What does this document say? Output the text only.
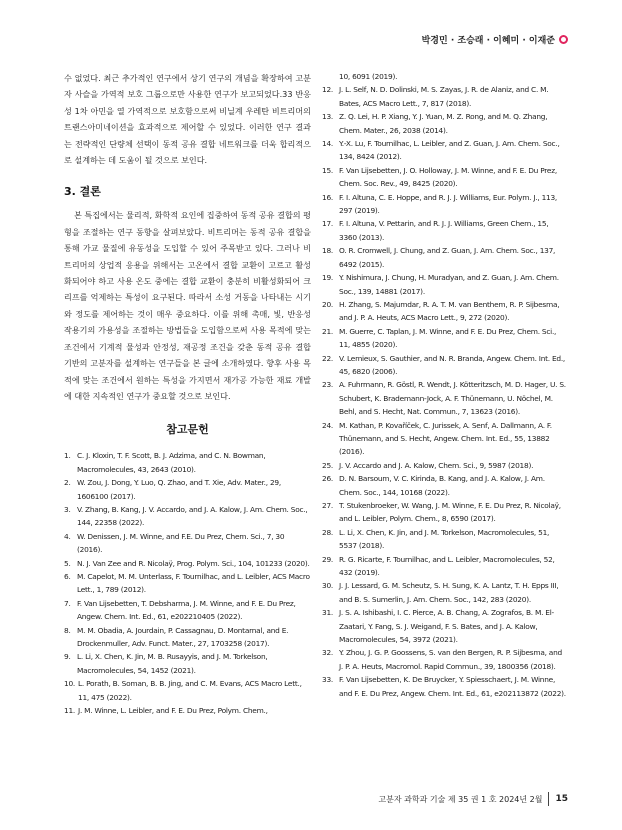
박경민 · 조승래 · 이혜미 · 이재준

수 없었다. 최근 추가적인 연구에서 상기 연구의 개념을 확장하여 고분자 사슬을 가역적 보호 그룹으로만 사용한 연구가 보고되었다.33 반응성 1차 아민을 열 가역적으로 보호함으로써 비닐계 우레탄 비트리머의 트랜스아미네이션을 효과적으로 제어할 수 있었다. 이러한 연구 결과는 전략적인 단량체 선택이 동적 공유 결합 네트워크를 더욱 합리적으로 설계하는 데 도움이 될 것으로 보인다.

3. 결론

본 특집에서는 물리적, 화학적 요인에 집중하여 동적 공유 결합의 평형을 조절하는 연구 동향을 살펴보았다. 비트리머는 동적 공유 결합을 통해 가교 물질에 유동성을 도입할 수 있어 주목받고 있다. 그러나 비트리머의 상업적 응용을 위해서는 고온에서 결합 교환이 고르고 활성화되어야 하고 사용 온도 중에는 결합 교환이 충분히 비활성화되어 크리프를 억제하는 특성이 요구된다. 따라서 소성 거동을 나타내는 시기와 정도를 제어하는 것이 매우 중요하다. 이를 위해 촉매, 빛, 반응성 작용기의 가용성을 조절하는 방법들을 도입함으로써 사용 목적에 맞는 조건에서 기계적 물성과 안정성, 재공정 조건을 갖춘 동적 공유 결합 기반의 고분자를 설계하는 연구들을 본 글에 소개하였다. 향후 사용 목적에 맞는 조건에서 원하는 특성을 가지면서 재가공 가능한 재료 개발에 대한 지속적인 연구가 중요할 것으로 보인다.

참고문헌
1. C. J. Kloxin, T. F. Scott, B. J. Adzima, and C. N. Bowman, Macromolecules, 43, 2643 (2010).
2. W. Zou, J. Dong, Y. Luo, Q. Zhao, and T. Xie, Adv. Mater., 29, 1606100 (2017).
3. V. Zhang, B. Kang, J. V. Accardo, and J. A. Kalow, J. Am. Chem. Soc., 144, 22358 (2022).
4. W. Denissen, J. M. Winne, and F.E. Du Prez, Chem. Sci., 7, 30 (2016).
5. N. J. Van Zee and R. Nicolaÿ, Prog. Polym. Sci., 104, 101233 (2020).
6. M. Capelot, M. M. Unterlass, F. Tournilhac, and L. Leibler, ACS Macro Lett., 1, 789 (2012).
7. F. Van Lijsebetten, T. Debsharma, J. M. Winne, and F. E. Du Prez, Angew. Chem. Int. Ed., 61, e202210405 (2022).
8. M. M. Obadia, A. Jourdain, P. Cassagnau, D. Montarnal, and E. Drockenmuller, Adv. Funct. Mater., 27, 1703258 (2017).
9. L. Li, X. Chen, K. Jin, M. B. Rusayyis, and J. M. Torkelson, Macromolecules, 54, 1452 (2021).
10. L. Porath, B. Soman, B. B. Jing, and C. M. Evans, ACS Macro Lett., 11, 475 (2022).
11. J. M. Winne, L. Leibler, and F. E. Du Prez, Polym. Chem.,
10, 6091 (2019).
12. J. L. Self, N. D. Dolinski, M. S. Zayas, J. R. de Alaniz, and C. M. Bates, ACS Macro Lett., 7, 817 (2018).
13. Z. Q. Lei, H. P. Xiang, Y. J. Yuan, M. Z. Rong, and M. Q. Zhang, Chem. Mater., 26, 2038 (2014).
14. Y.-X. Lu, F. Tournilhac, L. Leibler, and Z. Guan, J. Am. Chem. Soc., 134, 8424 (2012).
15. F. Van Lijsebetten, J. O. Holloway, J. M. Winne, and F. E. Du Prez, Chem. Soc. Rev., 49, 8425 (2020).
16. F. I. Altuna, C. E. Hoppe, and R. J. J. Williams, Eur. Polym. J., 113, 297 (2019).
17. F. I. Altuna, V. Pettarin, and R. J. J. Williams, Green Chem., 15, 3360 (2013).
18. O. R. Cromwell, J. Chung, and Z. Guan, J. Am. Chem. Soc., 137, 6492 (2015).
19. Y. Nishimura, J. Chung, H. Muradyan, and Z. Guan, J. Am. Chem. Soc., 139, 14881 (2017).
20. H. Zhang, S. Majumdar, R. A. T. M. van Benthem, R. P. Sijbesma, and J. P. A. Heuts, ACS Macro Lett., 9, 272 (2020).
21. M. Guerre, C. Taplan, J. M. Winne, and F. E. Du Prez, Chem. Sci., 11, 4855 (2020).
22. V. Lemieux, S. Gauthier, and N. R. Branda, Angew. Chem. Int. Ed., 45, 6820 (2006).
23. A. Fuhrmann, R. Göstl, R. Wendt, J. Kötteritzsch, M. D. Hager, U. S. Schubert, K. Brademann-Jock, A. F. Thünemann, U. Nöchel, M. Behl, and S. Hecht, Nat. Commun., 7, 13623 (2016).
24. M. Kathan, P. Kovaříček, C. Jurissek, A. Senf, A. Dallmann, A. F. Thünemann, and S. Hecht, Angew. Chem. Int. Ed., 55, 13882 (2016).
25. J. V. Accardo and J. A. Kalow, Chem. Sci., 9, 5987 (2018).
26. D. N. Barsoum, V. C. Kirinda, B. Kang, and J. A. Kalow, J. Am. Chem. Soc., 144, 10168 (2022).
27. T. Stukenbroeker, W. Wang, J. M. Winne, F. E. Du Prez, R. Nicolaÿ, and L. Leibler, Polym. Chem., 8, 6590 (2017).
28. L. Li, X. Chen, K. Jin, and J. M. Torkelson, Macromolecules, 51, 5537 (2018).
29. R. G. Ricarte, F. Tournilhac, and L. Leibler, Macromolecules, 52, 432 (2019).
30. J. J. Lessard, G. M. Scheutz, S. H. Sung, K. A. Lantz, T. H. Epps III, and B. S. Sumerlin, J. Am. Chem. Soc., 142, 283 (2020).
31. J. S. A. Ishibashi, I. C. Pierce, A. B. Chang, A. Zografos, B. M. El-Zaatari, Y. Fang, S. J. Weigand, F. S. Bates, and J. A. Kalow, Macromolecules, 54, 3972 (2021).
32. Y. Zhou, J. G. P. Goossens, S. van den Bergen, R. P. Sijbesma, and J. P. A. Heuts, Macromol. Rapid Commun., 39, 1800356 (2018).
33. F. Van Lijsebetten, K. De Bruycker, Y. Spiesschaert, J. M. Winne, and F. E. Du Prez, Angew. Chem. Int. Ed., 61, e202113872 (2022).
고분자 과학과 기술 제 35 권 1 호 2024년 2월 15
